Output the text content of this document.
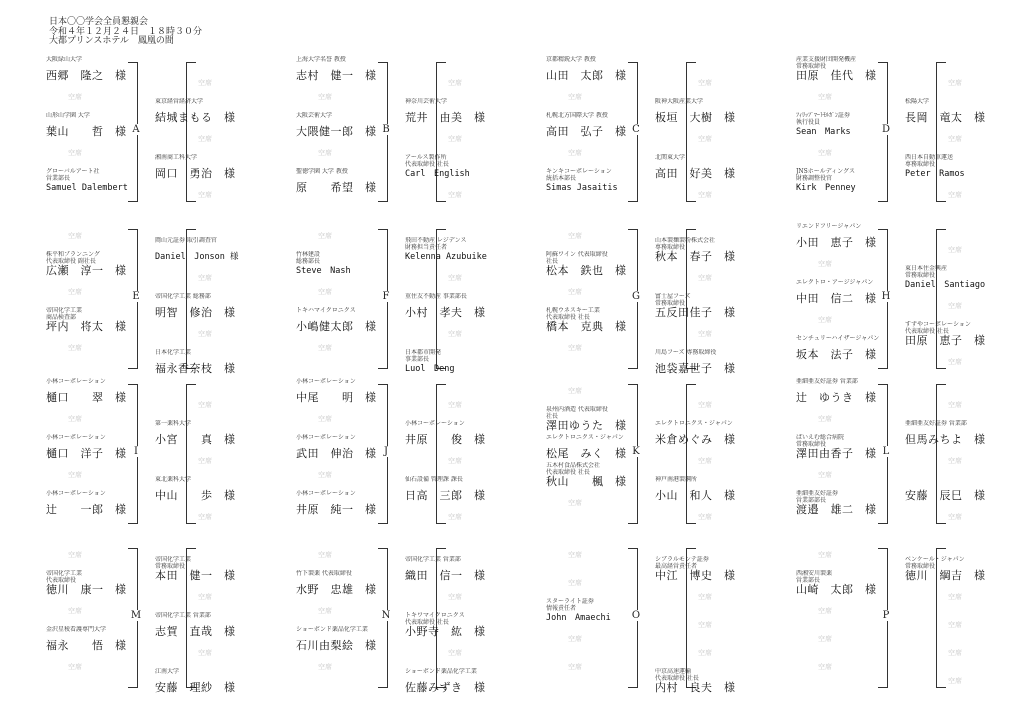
日本〇〇学会全員懇親会
令和４年１２月２４日　１８時３０分
大都プリンスホテル　鳳凰の間
A
大阪緑山大学
西郷　隆之　様
空席
空席
東京経営経済大学
結城まもる　様
山形山学園 大学
葉山　　哲　様
空席
空席
湘南商工科大学
岡口　勇治　様
グローバルアート社
営業部長
Samuel Dalembert
空席
B
上海大学名誉 教授
志村　健一　様
空席
空席
神奈川芸術大学
荒井　由美　様
大阪芸術大学
大隈健一郎　様
空席
空席
アールス製作所
代表取締役 社長
Carl　English
聖徳学園 大学 教授
原　　希望　様
空席
C
京都精鋭大学 教授
山田　太郎　様
空席
空席
阪神大阪産業大学
板垣　大樹　様
札幌北方国際大学 教授
高田　弘子　様
空席
空席
北関東大学
高田　好美　様
キンキコーポレーション
統括本部長
Simas Jasaitis
空席
D
産業支援財団開発機産
常務取締役
田原　佳代　様
空席
空席
松陽大学
長岡　竜太　様
ﾌｨﾘｯﾌﾟﾏｰﾄﾓﾙｶﾞﾝ証券
執行役員
Sean　Marks
空席
空席
西日本自動車運送
専務取締役
Peter　Ramos
JNSホールディングス
財務調整役官
Kirk　Penney
空席
E
空席
岡山元証券 取引調査官
Daniel　Jonson 様
株平和プランニング
代表取締役 副社長
広瀬　淳一　様
空席
空席
帝国化学工業 総務部
明智　修治　様
帝国化学工業
商品検査部
坪内　将太　様
空席
空席
日本化学工業
福永香奈枝　様
F
空席
飛田不動産 レジデンス
財務担当責任者
Kelenna Azubuike
竹林建設
総務部長
Steve　Nash
空席
空席
重住友不動産 事業部長
小村　孝夫　様
トキハマイクロニクス
小嶋健太郎　様
空席
空席
日本都市開発
事業部長
Luol　Deng
G
空席
山本製麺製粉株式会社
専務取締役
秋本　春子　様
阿蘇ワイン 代表取締役
社長
松本　鉄也　様
空席
空席
富士屋フーズ
常務取締役
五反田佳子　様
札幌ウネスキー工業
代表取締役 社長
橋本　克典　様
空席
空席
川島フーズ 専務取締役
池袋嘉世子　様
H
リエンドフリージャパン
小田　恵子　様
空席
空席
東日本住金興産
常務取締役
Daniel　Santiago
エレクトロ・アージジャパン
中田　信二　様
空席
空席
すずやコーポレーション
代表取締役 社長
田原　恵子　様
センチュリーハイザージャパン
坂本　法子　様
空席
I
小林コーポレーション
樋口　　翠　様
空席
空席
第一薬科大学
小宮　　真　様
小林コーポレーション
樋口　洋子　様
空席
空席
東北薬科大学
中山　　歩　様
小林コーポレーション
辻　　一郎　様
空席
J
小林コーポレーション
中尾　　明　様
空席
空席
小林コーポレーション
井原　　俊　様
小林コーポレーション
武田　伸治　様
空席
空席
仙石設備 管理課 課長
日高　三郎　様
小林コーポレーション
井原　純一　様
空席
K
空席
空席
泉州内酒造 代表取締役
社長
澤田ゆうた　様	エレクトロニクス・ジャパン
米倉めぐみ　様
エレクトロニクス・ジャパン
松尾　みく　様
空席
五木村食品株式会社
代表取締役 社長
秋山　　楓　様	神戸南港製鋼所
小山　和人　様
空席
空席
L
亜細亜友好証券 営業部
辻　ゆうき　様
空席
空席
亜細亜友好証券 営業部
但馬みちよ　様
ぱいえむ総合病院
常務取締役
澤田由香子　様
空席
空席
安藤　辰巳　様
亜細亜友好証券
営業部部長
渡邉　雄二　様
空席
M
空席
帝国化学工業
常務取締役
本田　健一　様
帝国化学工業
代表取締役
徳川　康一　様
空席
空席
帝国化学工業 営業部
志賀　直哉　様
金沢星稜看護専門大学
福永　　悟　様
空席
空席
江南大学
安藤　理紗　様
N
空席
帝国化学工業 営業部
織田　信一　様
竹下製薬 代表取締役
水野　忠雄　様
空席
空席
トキワマイクロニクス
代表取締役 社長
小野寺　紘　様
ショーボンド薬品化学工業
石川由梨絵　様
空席
空席
ショーボンド薬品化学工業
佐藤みずき　様
O
空席
シブラルモンテ証券
最高経営責任者
中江　博史　様
空席
空席
スターライト証券
情報責任者
John　Amaechi
空席
空席
空席
空席
中京高速運輸
代表取締役 社長
内村　良夫　様
P
空席
ベンケール・ジャパン
常務取締役
徳川　綱吉　様
西湘安川製薬
営業部長
山崎　太郎　様
空席
空席
空席
空席
空席
空席
空席
